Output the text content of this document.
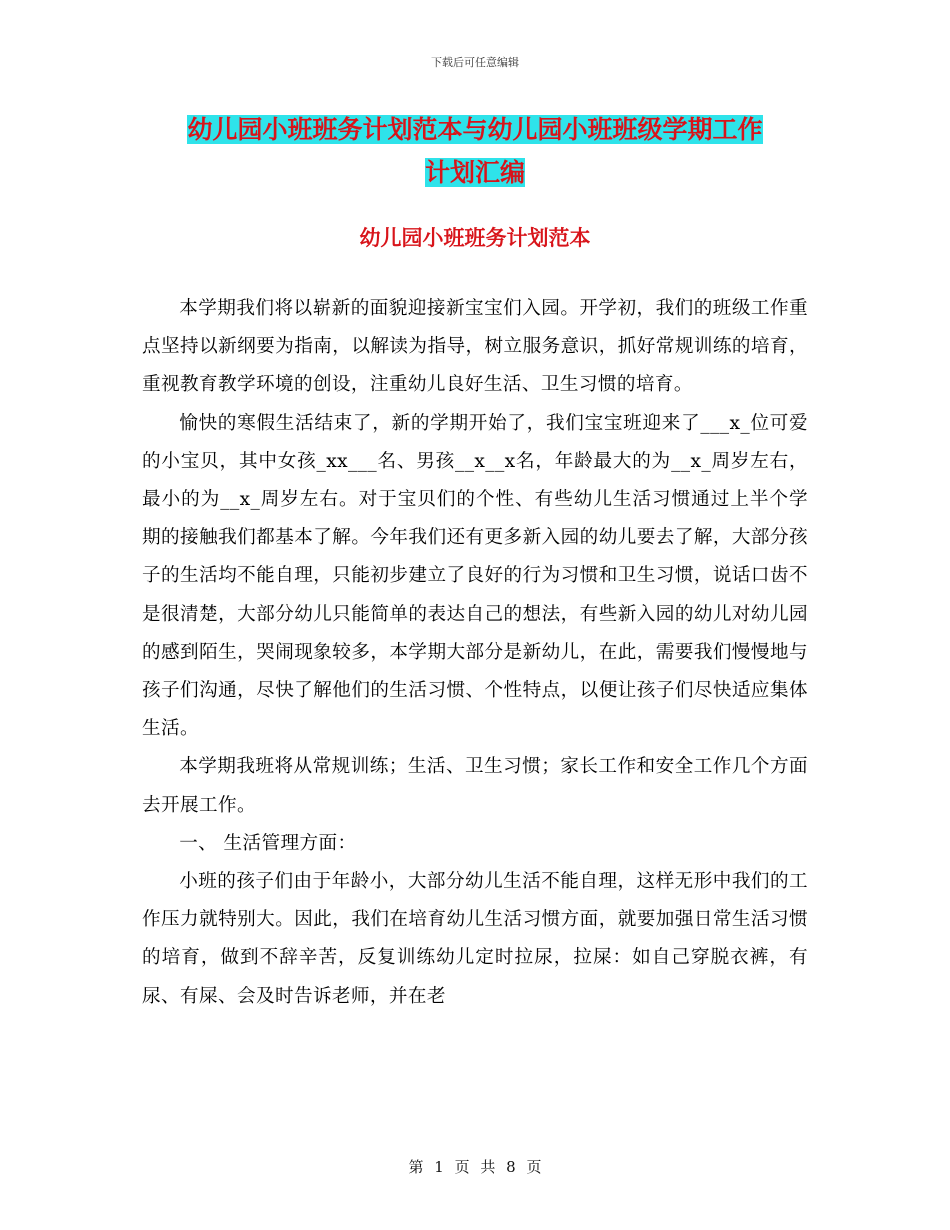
下载后可任意编辑
幼儿园小班班务计划范本与幼儿园小班班级学期工作
计划汇编
幼儿园小班班务计划范本

本学期我们将以崭新的面貌迎接新宝宝们入园。开学初，我们的班级工作重点坚持以新纲要为指南，以解读为指导，树立服务意识，抓好常规训练的培育，重视教育教学环境的创设，注重幼儿良好生活、卫生习惯的培育。

愉快的寒假生活结束了，新的学期开始了，我们宝宝班迎来了___x_位可爱的小宝贝，其中女孩_xx___名、男孩__x__x名，年龄最大的为__x_周岁左右，最小的为__x_周岁左右。对于宝贝们的个性、有些幼儿生活习惯通过上半个学期的接触我们都基本了解。今年我们还有更多新入园的幼儿要去了解，大部分孩子的生活均不能自理，只能初步建立了良好的行为习惯和卫生习惯，说话口齿不是很清楚，大部分幼儿只能简单的表达自己的想法，有些新入园的幼儿对幼儿园的感到陌生，哭闹现象较多，本学期大部分是新幼儿，在此，需要我们慢慢地与孩子们沟通，尽快了解他们的生活习惯、个性特点，以便让孩子们尽快适应集体生活。

本学期我班将从常规训练；生活、卫生习惯；家长工作和安全工作几个方面去开展工作。

一、 生活管理方面：

小班的孩子们由于年龄小，大部分幼儿生活不能自理，这样无形中我们的工作压力就特别大。因此，我们在培育幼儿生活习惯方面，就要加强日常生活习惯的培育，做到不辞辛苦，反复训练幼儿定时拉尿，拉屎：如自己穿脱衣裤，有尿、有屎、会及时告诉老师，并在老

第 1 页 共 8 页
